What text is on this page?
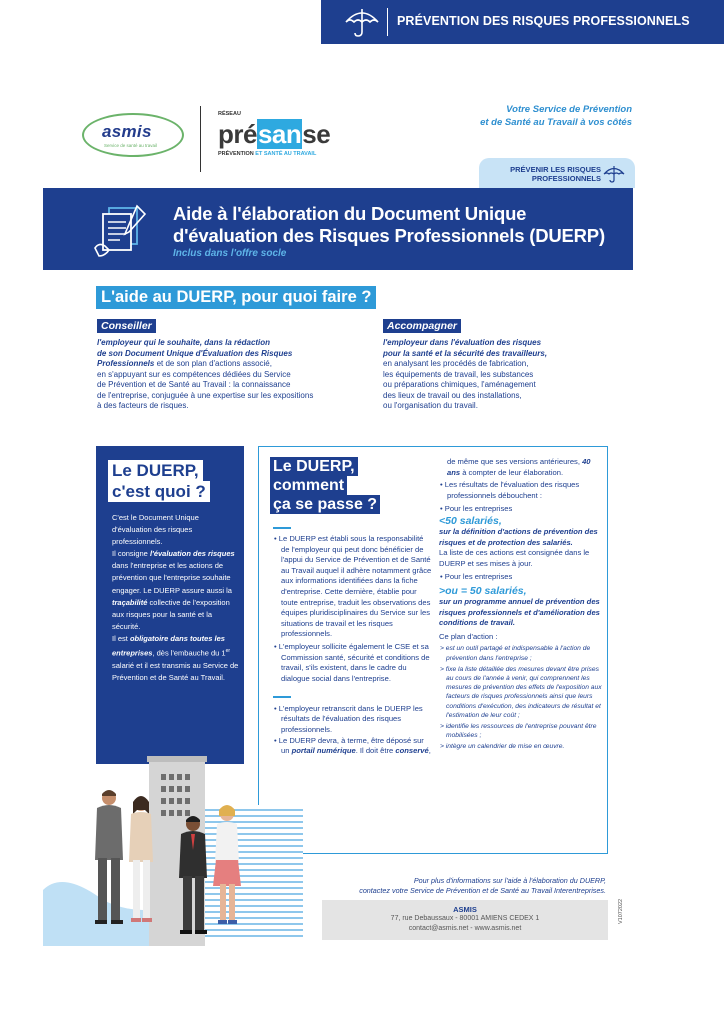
PRÉVENTION DES RISQUES PROFESSIONNELS
asmis
Service de santé au travail
RÉSEAU
présanse
PRÉVENTION ET SANTÉ AU TRAVAIL
Votre Service de Prévention
et de Santé au Travail à vos côtés
PRÉVENIR LES RISQUES PROFESSIONNELS
Aide à l'élaboration du Document Unique
d'évaluation des Risques Professionnels (DUERP)
Inclus dans l'offre socle
L'aide au DUERP, pour quoi faire ?
Conseiller
l'employeur qui le souhaite, dans la rédaction
de son Document Unique d'Évaluation des Risques
Professionnels et de son plan d'actions associé,
en s'appuyant sur es compétences dédiées du Service
de Prévention et de Santé au Travail : la connaissance
de l'entreprise, conjuguée à une expertise sur les expositions
à des facteurs de risques.
Accompagner
l'employeur dans l'évaluation des risques
pour la santé et la sécurité des travailleurs,
en analysant les procédés de fabrication,
les équipements de travail, les substances
ou préparations chimiques, l'aménagement
des lieux de travail ou des installations,
ou l'organisation du travail.
Le DUERP,
c'est quoi ?

C'est le Document Unique d'évaluation des risques professionnels.

Il consigne l'évaluation des risques dans l'entreprise et les actions de prévention que l'entreprise souhaite engager. Le DUERP assure aussi la traçabilité collective de l'exposition aux risques pour la santé et la sécurité.

Il est obligatoire dans toutes les entreprises, dès l'embauche du 1er salarié et il est transmis au Service de Prévention et de Santé au Travail.

Le DUERP,
comment
ça se passe ?

• Le DUERP est établi sous la responsabilité de l'employeur qui peut donc bénéficier de l'appui du Service de Prévention et de Santé au Travail auquel il adhère notamment grâce aux informations identifiées dans la fiche d'entreprise. Cette dernière, établie pour toute entreprise, traduit les observations des équipes pluridisciplinaires du Service sur les situations de travail et les risques professionnels.

• L'employeur sollicite également le CSE et sa Commission santé, sécurité et conditions de travail, s'ils existent, dans le cadre du dialogue social dans l'entreprise.

• L'employeur retranscrit dans le DUERP les résultats de l'évaluation des risques professionnels.

• Le DUERP devra, à terme, être déposé sur un portail numérique. Il doit être conservé,

de même que ses versions antérieures, 40 ans à compter de leur élaboration.

• Les résultats de l'évaluation des risques professionnels débouchent :

• Pour les entreprises

<50 salariés,

sur la définition d'actions de prévention des risques et de protection des salariés.

La liste de ces actions est consignée dans le DUERP et ses mises à jour.

• Pour les entreprises

>ou = 50 salariés,

sur un programme annuel de prévention des risques professionnels et d'amélioration des conditions de travail.

Ce plan d'action :

> est un outil partagé et indispensable à l'action de prévention dans l'entreprise ;

> fixe la liste détaillée des mesures devant être prises au cours de l'année à venir, qui comprennent les mesures de prévention des effets de l'exposition aux facteurs de risques professionnels ainsi que leurs conditions d'exécution, des indicateurs de résultat et l'estimation de leur coût ;

> identifie les ressources de l'entreprise pouvant être mobilisées ;

> intègre un calendrier de mise en œuvre.

Pour plus d'informations sur l'aide à l'élaboration du DUERP,
contactez votre Service de Prévention et de Santé au Travail Interentreprises.
ASMIS
77, rue Debaussaux - 80001 AMIENS CEDEX 1
contact@asmis.net - www.asmis.net
V1072022
